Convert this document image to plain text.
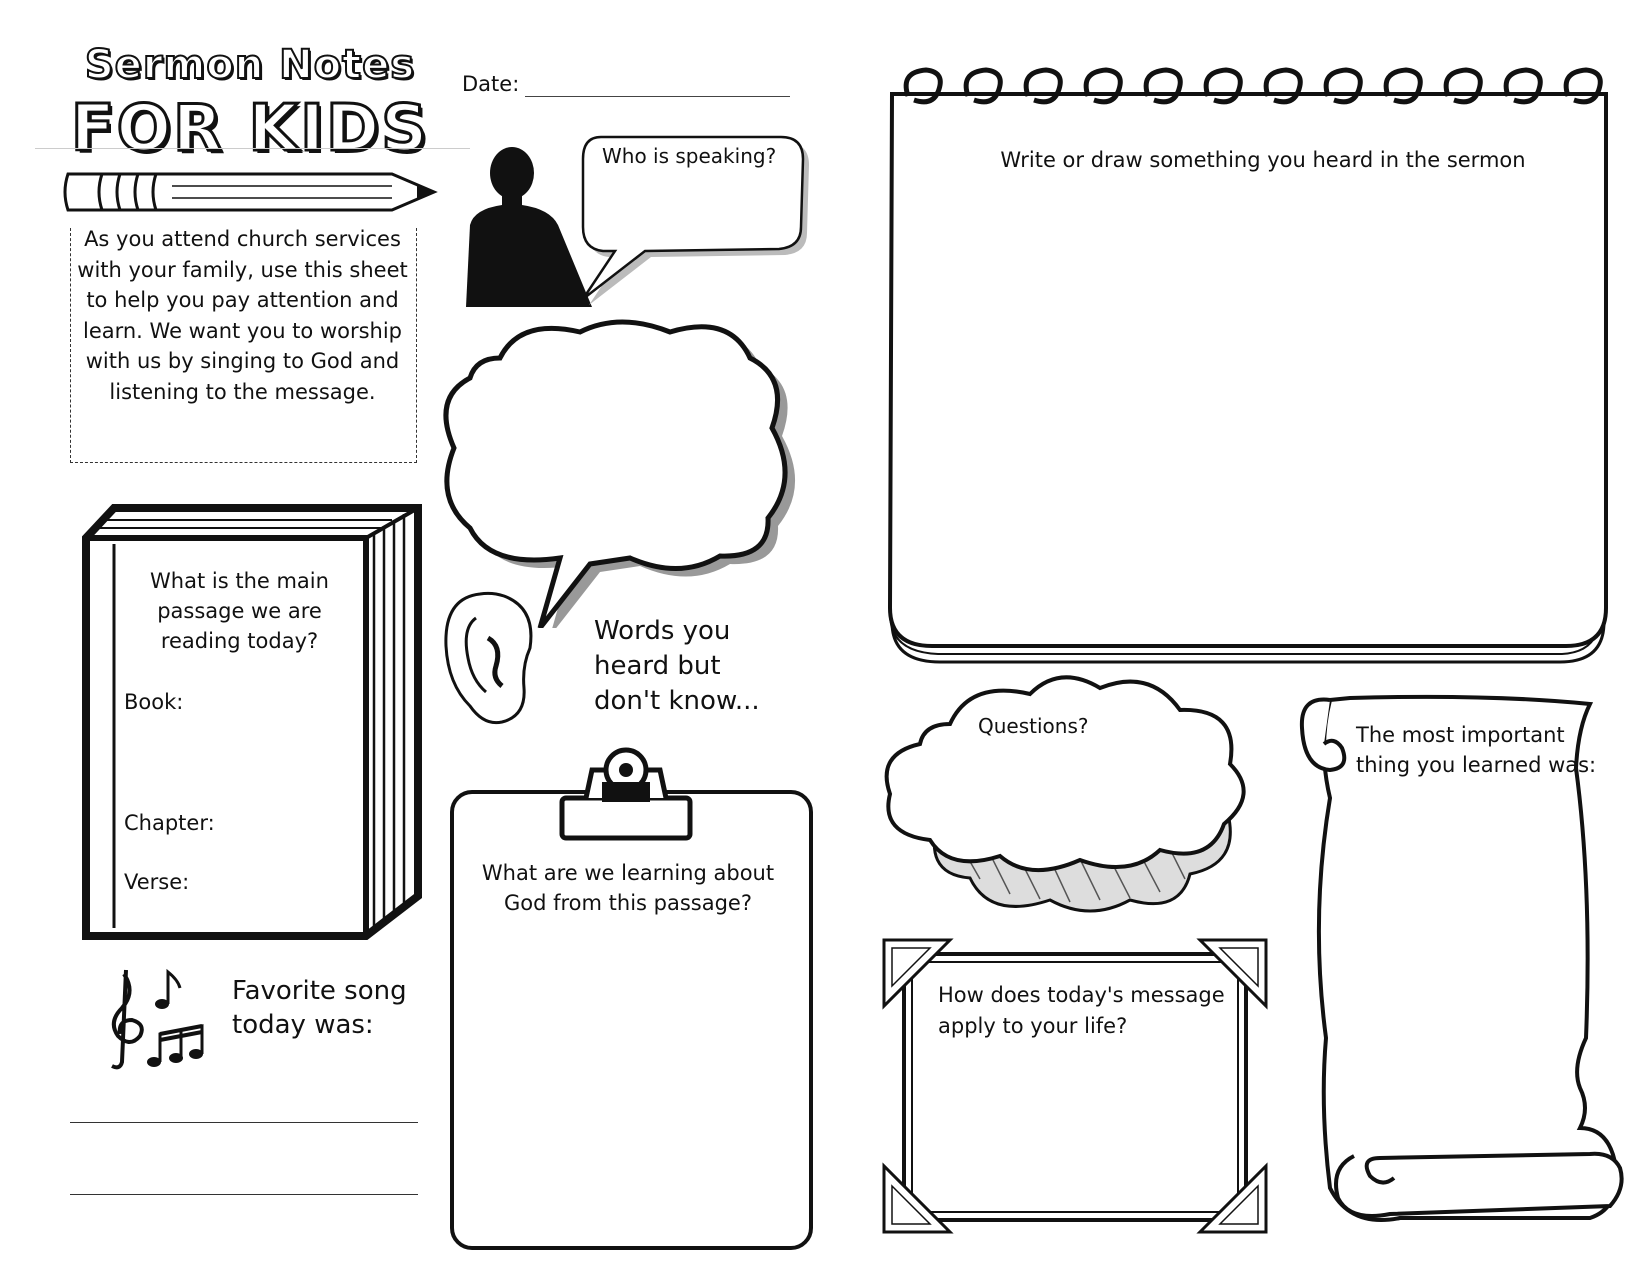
Sermon Notes
FOR KIDS
As you attend church services with your family, use this sheet to help you pay attention and learn. We want you to worship with us by singing to God and listening to the message.
Date:
Who is speaking?
Words you
heard but
don't know...
What is the main passage we are reading today?
Book:
Chapter:
Verse:	What are we learning about God from this passage?
Favorite song
today was:
Write or draw something you heard in the sermon
Questions?
How does today's message apply to your life?
The most important thing you learned was:
